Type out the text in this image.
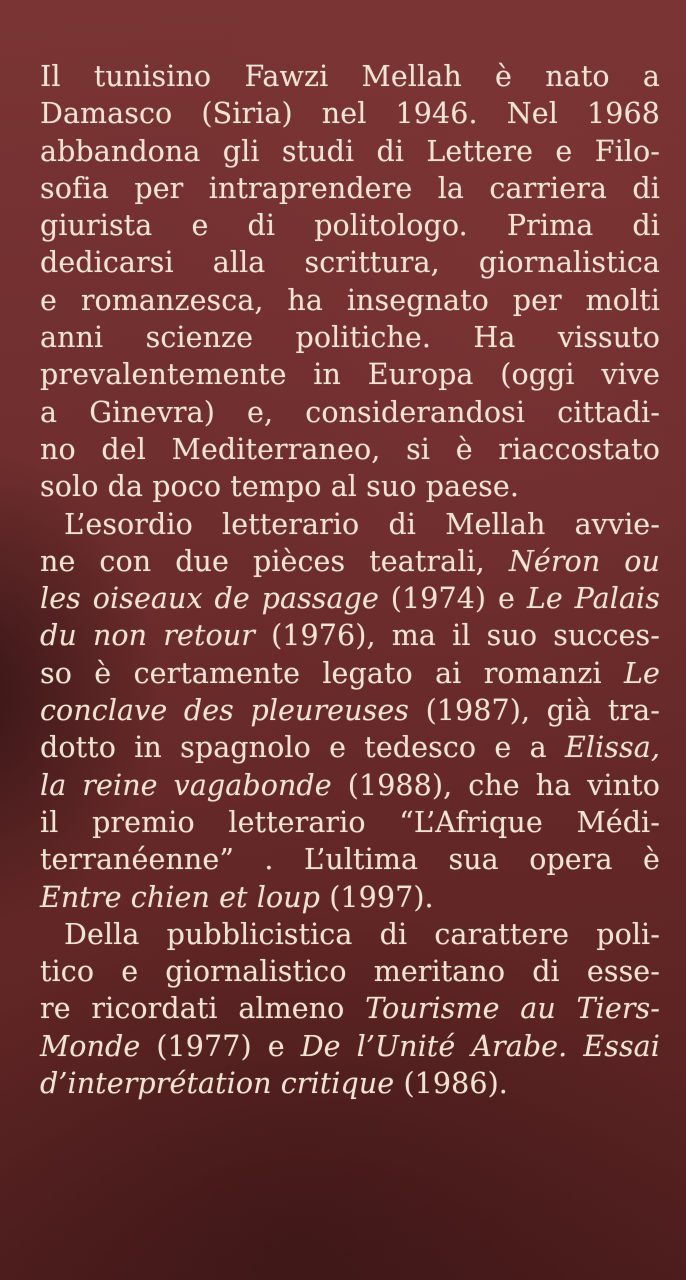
Il tunisino Fawzi Mellah è nato a
Damasco (Siria) nel 1946. Nel 1968
abbandona gli studi di Lettere e Filo-
sofia per intraprendere la carriera di
giurista e di politologo. Prima di
dedicarsi alla scrittura, giornalistica
e romanzesca, ha insegnato per molti
anni scienze politiche. Ha vissuto
prevalentemente in Europa (oggi vive
a Ginevra) e, considerandosi cittadi-
no del Mediterraneo, si è riaccostato
solo da poco tempo al suo paese.
L’esordio letterario di Mellah avvie-
ne con due pièces teatrali, Néron ou
les oiseaux de passage (1974) e Le Palais
du non retour (1976), ma il suo succes-
so è certamente legato ai romanzi Le
conclave des pleureuses (1987), già tra-
dotto in spagnolo e tedesco e a Elissa,
la reine vagabonde (1988), che ha vinto
il premio letterario “L’Afrique Médi-
terranéenne” . L’ultima sua opera è
Entre chien et loup (1997).
Della pubblicistica di carattere poli-
tico e giornalistico meritano di esse-
re ricordati almeno Tourisme au Tiers-
Monde (1977) e De l’Unité Arabe. Essai
d’interprétation critique (1986).
